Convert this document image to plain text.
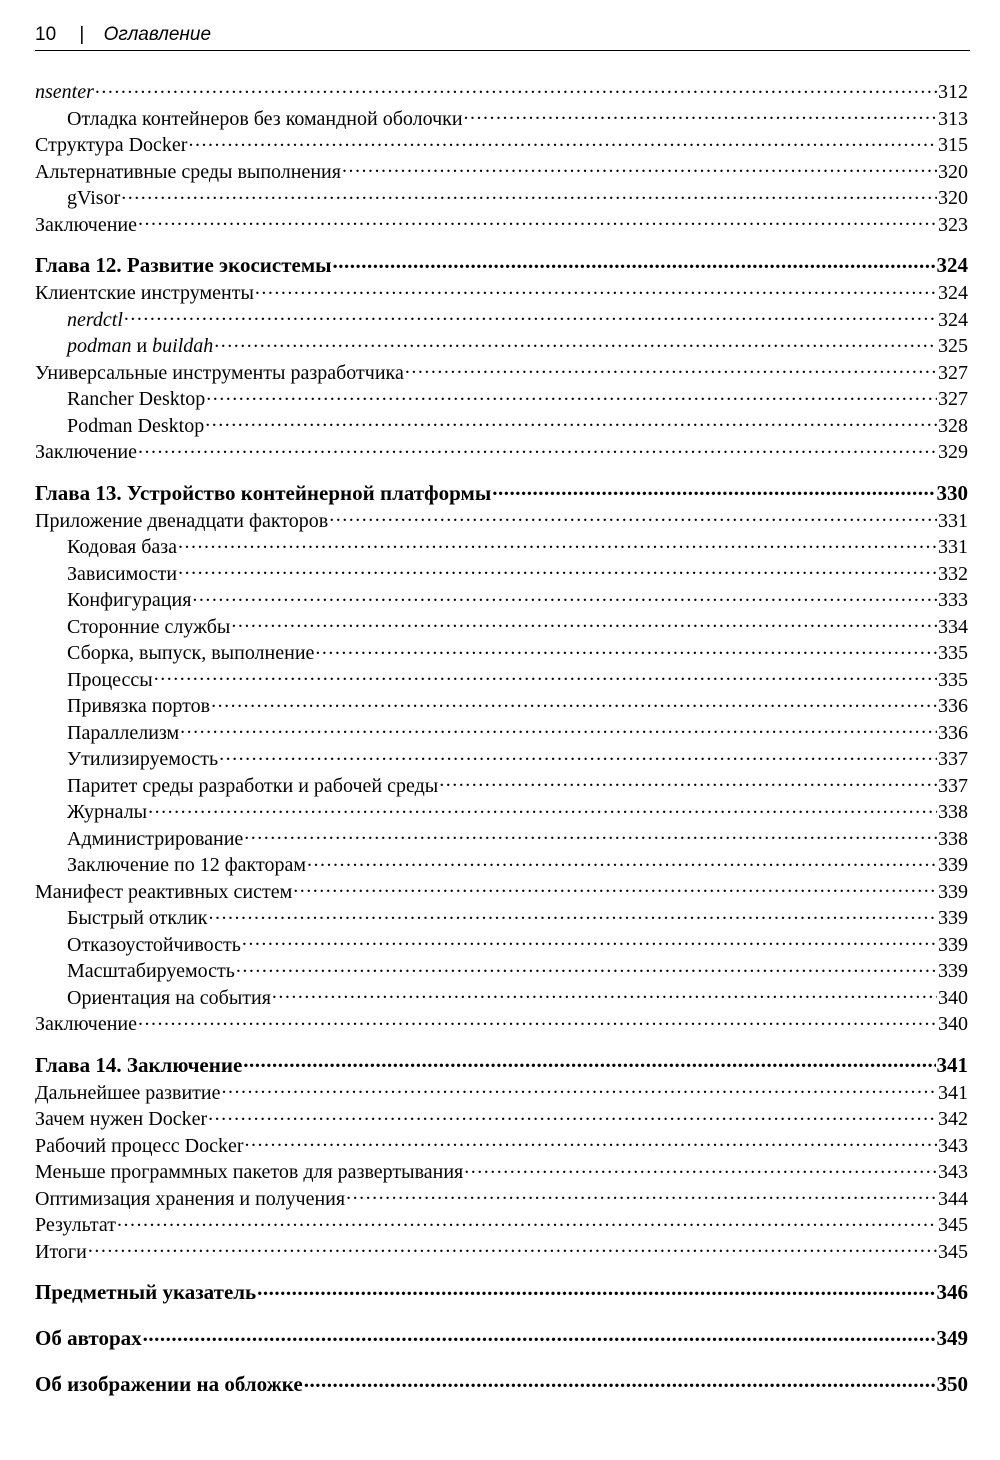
10 | Оглавление
nsenter .....	312
Отладка контейнеров без командной оболочки .....	313
Структура Docker .....	315
Альтернативные среды выполнения .....	320
gVisor .....	320
Заключение .....	323
Глава 12. Развитие экосистемы .....	324
Клиентские инструменты .....	324
nerdctl .....	324
podman и buildah .....	325
Универсальные инструменты разработчика .....	327
Rancher Desktop .....	327
Podman Desktop .....	328
Заключение .....	329
Глава 13. Устройство контейнерной платформы .....	330
Приложение двенадцати факторов .....	331
Кодовая база .....	331
Зависимости .....	332
Конфигурация .....	333
Сторонние службы .....	334
Сборка, выпуск, выполнение .....	335
Процессы .....	335
Привязка портов .....	336
Параллелизм .....	336
Утилизируемость .....	337
Паритет среды разработки и рабочей среды .....	337
Журналы .....	338
Администрирование .....	338
Заключение по 12 факторам .....	339
Манифест реактивных систем .....	339
Быстрый отклик .....	339
Отказоустойчивость .....	339
Масштабируемость .....	339
Ориентация на события .....	340
Заключение .....	340
Глава 14. Заключение .....	341
Дальнейшее развитие .....	341
Зачем нужен Docker .....	342
Рабочий процесс Docker .....	343
Меньше программных пакетов для развертывания .....	343
Оптимизация хранения и получения .....	344
Результат .....	345
Итоги .....	345
Предметный указатель .....	346
Об авторах .....	349
Об изображении на обложке .....	350
